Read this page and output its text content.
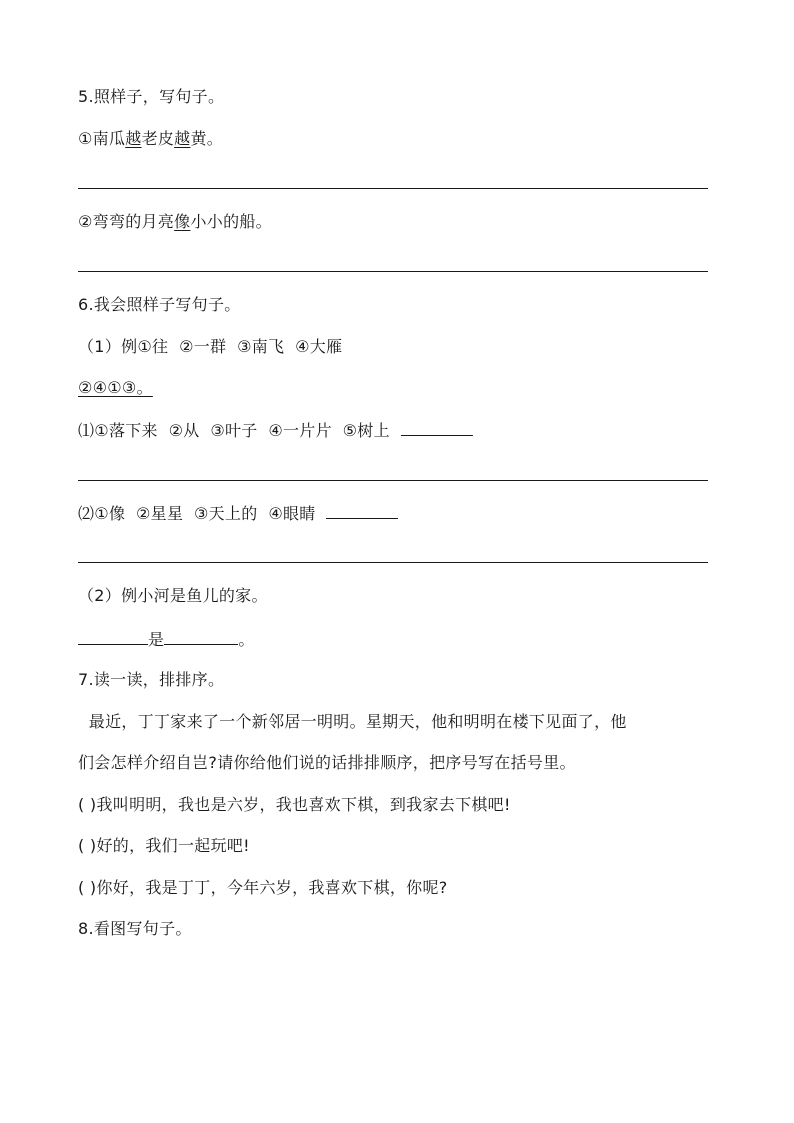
5.照样子，写句子。
①南瓜越老皮越黄。
②弯弯的月亮像小小的船。
6.我会照样子写句子。
（1）例①往  ②一群  ③南飞  ④大雁
②④①③。
⑴①落下来  ②从  ③叶子  ④一片片  ⑤树上
⑵①像  ②星星  ③天上的  ④眼睛
（2）例小河是鱼儿的家。
是	。
7.读一读，排排序。
最近，丁丁家来了一个新邻居一明明。星期天，他和明明在楼下见面了，他
们会怎样介绍自岂?请你给他们说的话排排顺序，把序号写在括号里。
( )我叫明明，我也是六岁，我也喜欢下棋，到我家去下棋吧!
( )好的，我们一起玩吧!
( )你好，我是丁丁，今年六岁，我喜欢下棋，你呢?
8.看图写句子。
